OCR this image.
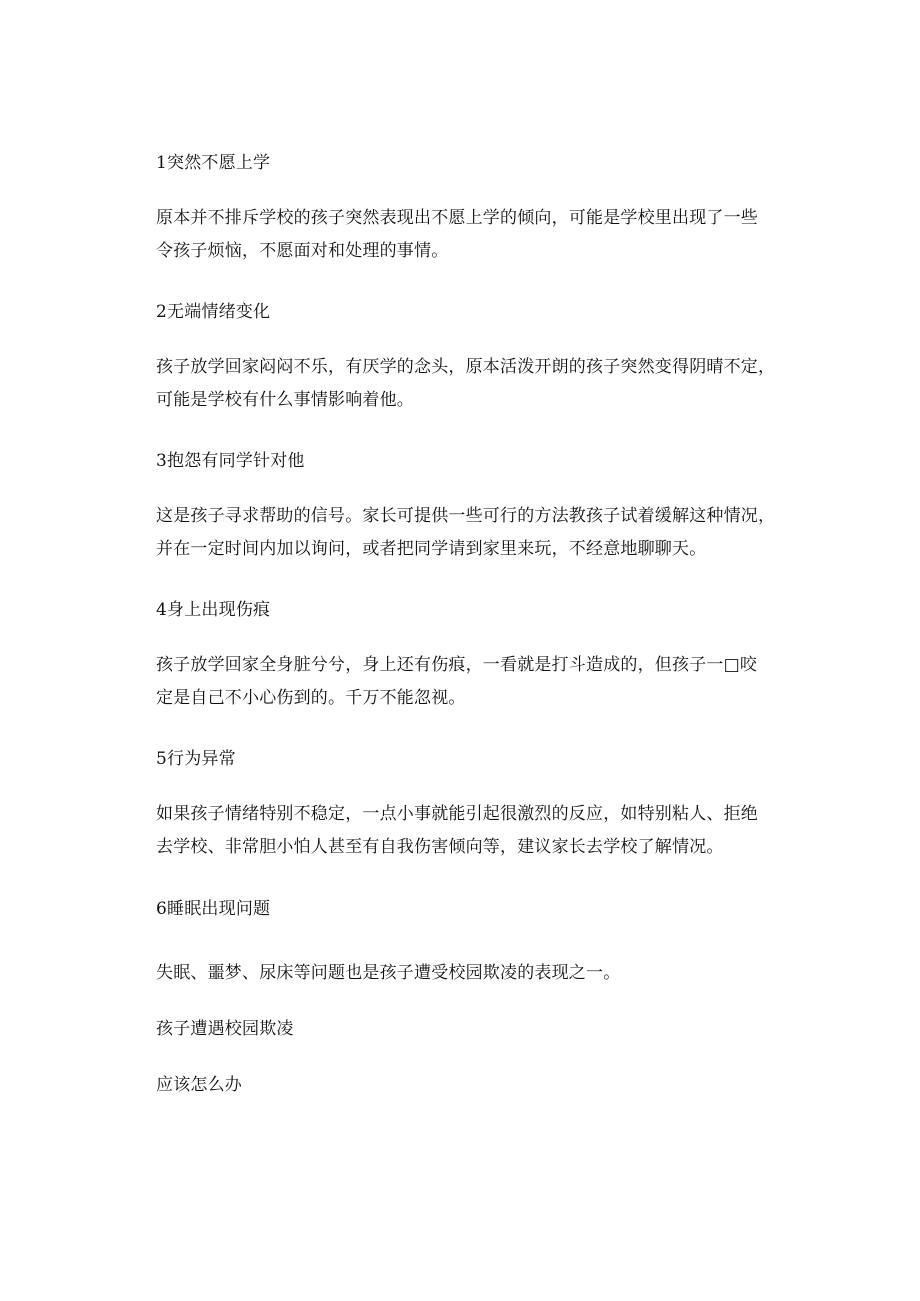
1突然不愿上学
原本并不排斥学校的孩子突然表现出不愿上学的倾向，可能是学校里出现了一些
令孩子烦恼，不愿面对和处理的事情。
2无端情绪变化
孩子放学回家闷闷不乐，有厌学的念头，原本活泼开朗的孩子突然变得阴晴不定，
可能是学校有什么事情影响着他。
3抱怨有同学针对他
这是孩子寻求帮助的信号。家长可提供一些可行的方法教孩子试着缓解这种情况，
并在一定时间内加以询问，或者把同学请到家里来玩，不经意地聊聊天。
4身上出现伤痕
孩子放学回家全身脏兮兮，身上还有伤痕，一看就是打斗造成的，但孩子一□咬
定是自己不小心伤到的。千万不能忽视。
5行为异常
如果孩子情绪特别不稳定，一点小事就能引起很激烈的反应，如特别粘人、拒绝
去学校、非常胆小怕人甚至有自我伤害倾向等，建议家长去学校了解情况。
6睡眠出现问题
失眠、噩梦、尿床等问题也是孩子遭受校园欺凌的表现之一。
孩子遭遇校园欺凌
应该怎么办
